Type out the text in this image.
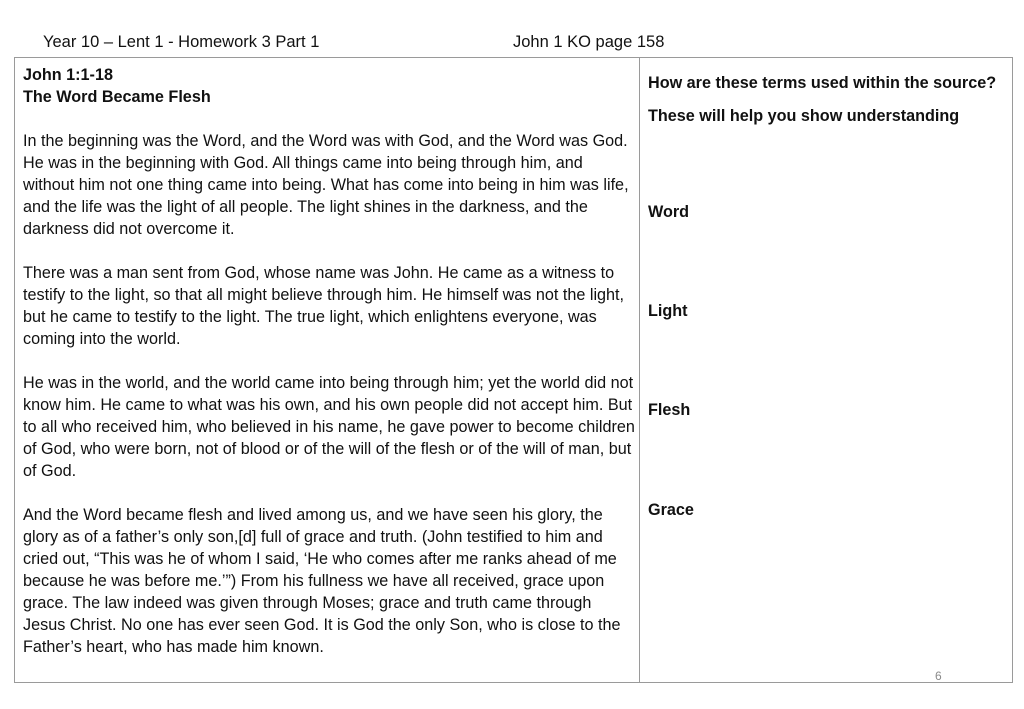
Year 10 – Lent 1 - Homework 3 Part 1	John 1 KO page 158
John 1:1-18
The Word Became Flesh

In the beginning was the Word, and the Word was with God, and the Word was God. He was in the beginning with God. All things came into being through him, and without him not one thing came into being. What has come into being in him was life, and the life was the light of all people. The light shines in the darkness, and the darkness did not overcome it.

There was a man sent from God, whose name was John. He came as a witness to testify to the light, so that all might believe through him. He himself was not the light, but he came to testify to the light. The true light, which enlightens everyone, was coming into the world.

He was in the world, and the world came into being through him; yet the world did not know him. He came to what was his own, and his own people did not accept him. But to all who received him, who believed in his name, he gave power to become children of God, who were born, not of blood or of the will of the flesh or of the will of man, but of God.

And the Word became flesh and lived among us, and we have seen his glory, the glory as of a father’s only son,[d] full of grace and truth. (John testified to him and cried out, “This was he of whom I said, ‘He who comes after me ranks ahead of me because he was before me.’”) From his fullness we have all received, grace upon grace. The law indeed was given through Moses; grace and truth came through Jesus Christ. No one has ever seen God. It is God the only Son, who is close to the Father’s heart, who has made him known.

How are these terms used within the source? These will help you show understanding
Word
Light
Flesh
Grace
6
